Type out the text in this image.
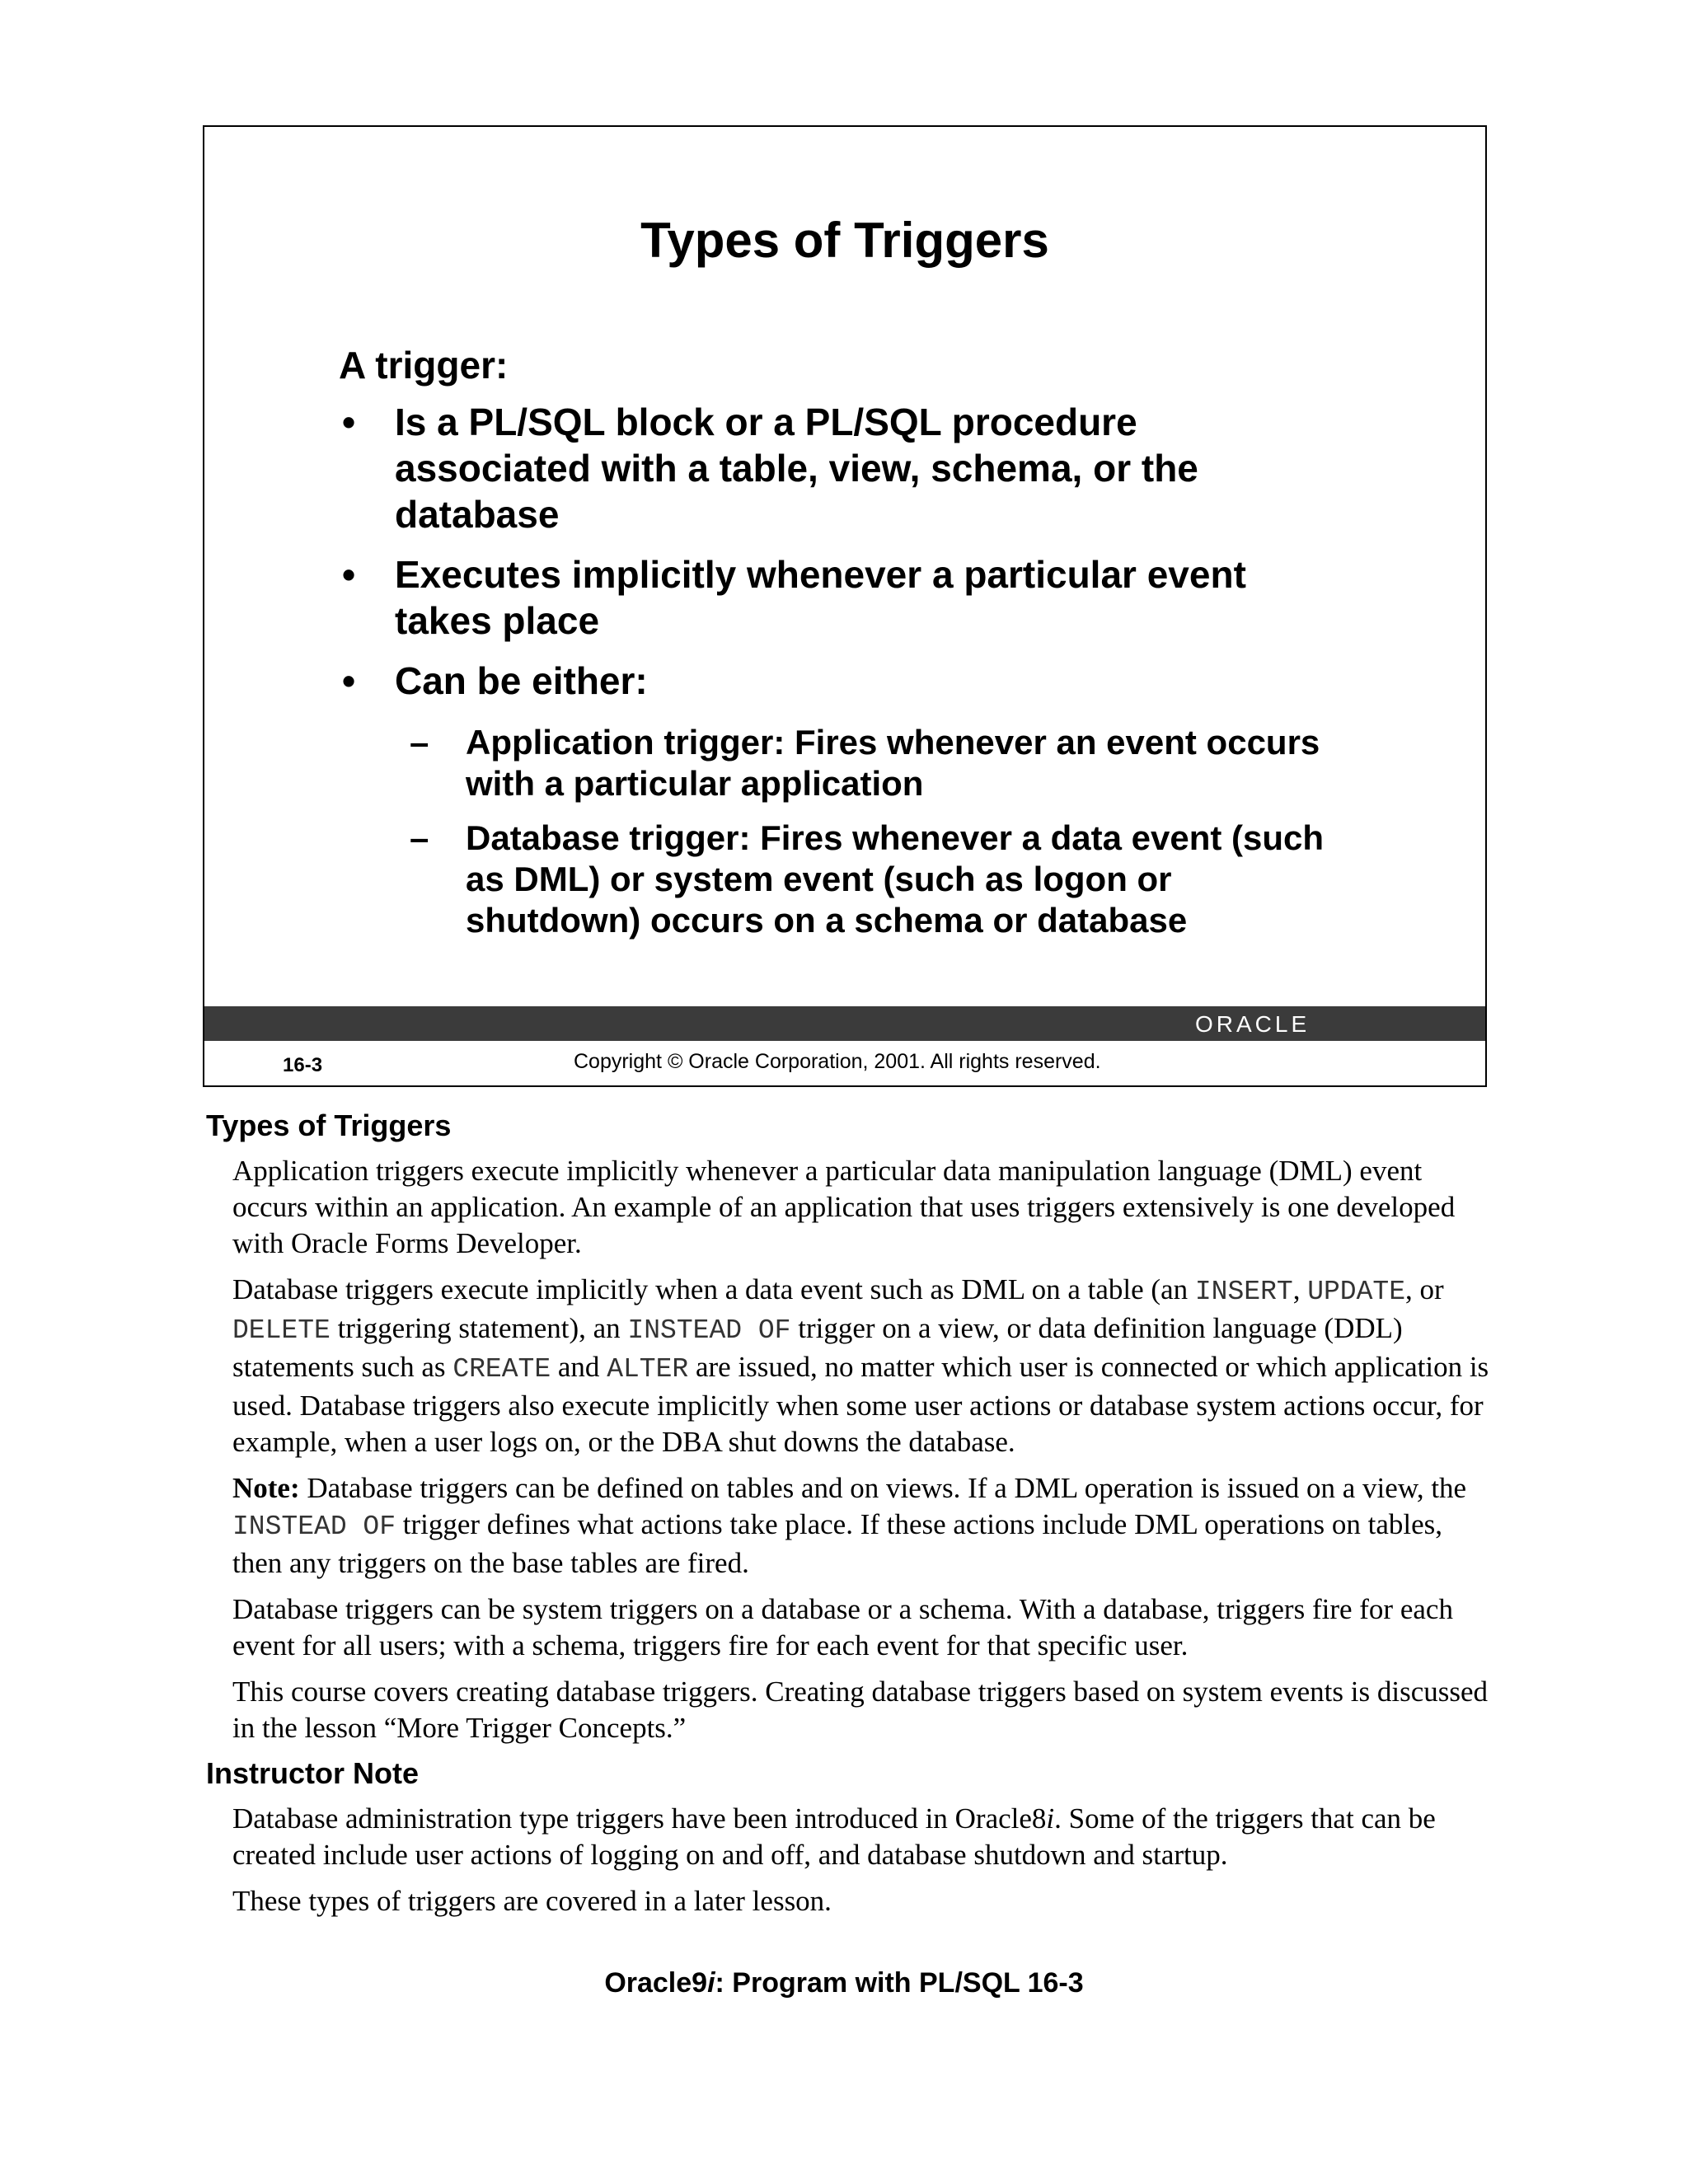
Types of Triggers
A trigger:
• Is a PL/SQL block or a PL/SQL procedure associated with a table, view, schema, or the database
• Executes implicitly whenever a particular event takes place
• Can be either:
– Application trigger: Fires whenever an event occurs with a particular application
– Database trigger: Fires whenever a data event (such as DML) or system event (such as logon or shutdown) occurs on a schema or database
ORACLE
16-3	Copyright © Oracle Corporation, 2001. All rights reserved.
Types of Triggers

Application triggers execute implicitly whenever a particular data manipulation language (DML) event occurs within an application. An example of an application that uses triggers extensively is one developed with Oracle Forms Developer.

Database triggers execute implicitly when a data event such as DML on a table (an INSERT, UPDATE, or DELETE triggering statement), an INSTEAD OF trigger on a view, or data definition language (DDL) statements such as CREATE and ALTER are issued, no matter which user is connected or which application is used. Database triggers also execute implicitly when some user actions or database system actions occur, for example, when a user logs on, or the DBA shut downs the database.

Note: Database triggers can be defined on tables and on views. If a DML operation is issued on a view, the INSTEAD OF trigger defines what actions take place. If these actions include DML operations on tables, then any triggers on the base tables are fired.

Database triggers can be system triggers on a database or a schema. With a database, triggers fire for each event for all users; with a schema, triggers fire for each event for that specific user.

This course covers creating database triggers. Creating database triggers based on system events is discussed in the lesson “More Trigger Concepts.”

Instructor Note

Database administration type triggers have been introduced in Oracle8i. Some of the triggers that can be created include user actions of logging on and off, and database shutdown and startup.

These types of triggers are covered in a later lesson.

Oracle9i: Program with PL/SQL 16-3
